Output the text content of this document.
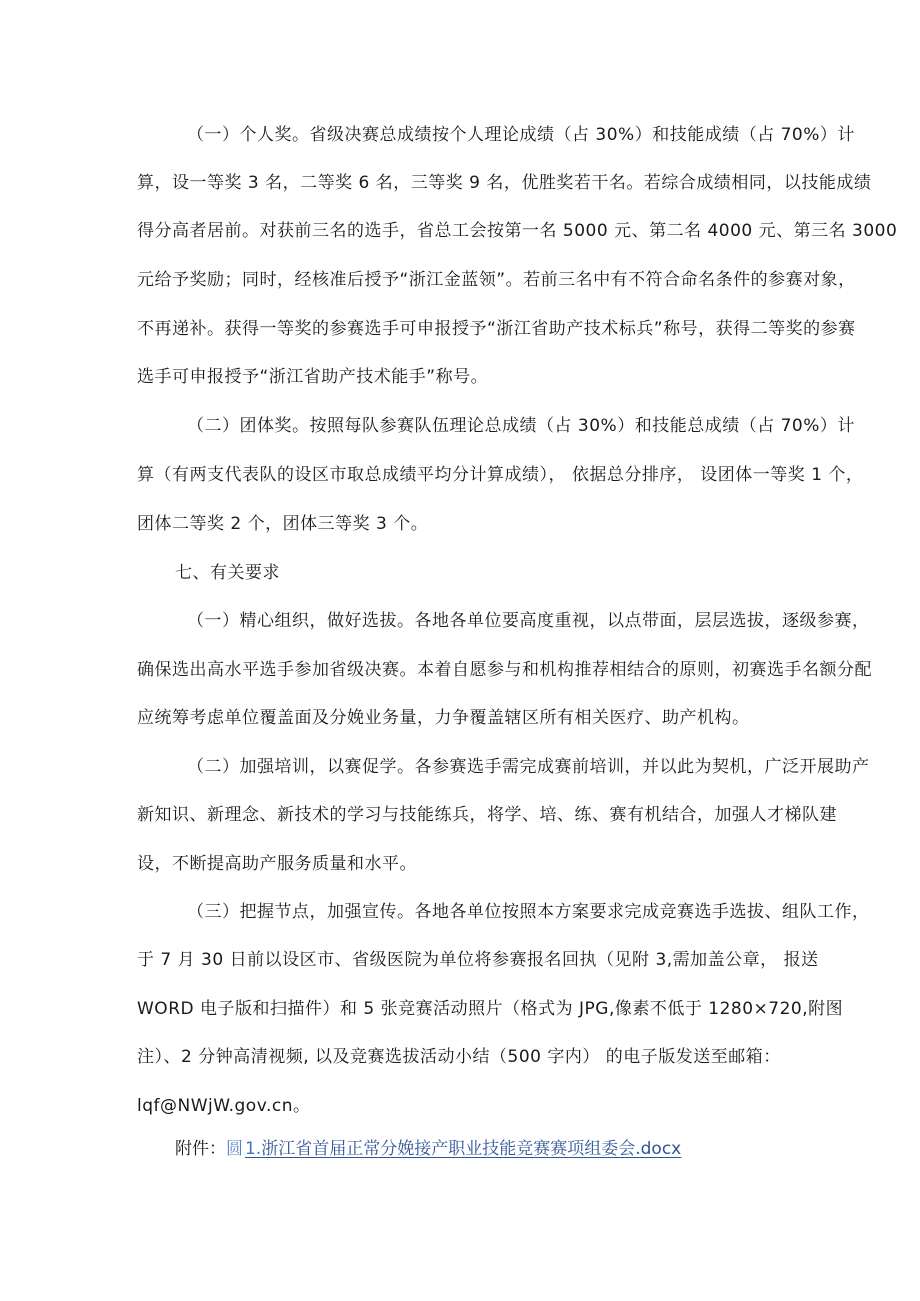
（一）个人奖。省级决赛总成绩按个人理论成绩（占 30%）和技能成绩（占 70%）计
算，设一等奖 3 名，二等奖 6 名，三等奖 9 名，优胜奖若干名。若综合成绩相同，以技能成绩
得分高者居前。对获前三名的选手，省总工会按第一名 5000 元、第二名 4000 元、第三名 3000
元给予奖励；同时，经核准后授予“浙江金蓝领”。若前三名中有不符合命名条件的参赛对象，
不再递补。获得一等奖的参赛选手可申报授予“浙江省助产技术标兵”称号，获得二等奖的参赛
选手可申报授予“浙江省助产技术能手”称号。
（二）团体奖。按照每队参赛队伍理论总成绩（占 30%）和技能总成绩（占 70%）计
算（有两支代表队的设区市取总成绩平均分计算成绩）， 依据总分排序， 设团体一等奖 1 个，
团体二等奖 2 个，团体三等奖 3 个。
七、有关要求
（一）精心组织，做好选拔。各地各单位要高度重视，以点带面，层层选拔，逐级参赛，
确保选出高水平选手参加省级决赛。本着自愿参与和机构推荐相结合的原则，初赛选手名额分配
应统筹考虑单位覆盖面及分娩业务量，力争覆盖辖区所有相关医疗、助产机构。
（二）加强培训，以赛促学。各参赛选手需完成赛前培训，并以此为契机，广泛开展助产
新知识、新理念、新技术的学习与技能练兵，将学、培、练、赛有机结合，加强人才梯队建
设，不断提高助产服务质量和水平。
（三）把握节点，加强宣传。各地各单位按照本方案要求完成竞赛选手选拔、组队工作，
于 7 月 30 日前以设区市、省级医院为单位将参赛报名回执（见附 3,需加盖公章， 报送
WORD 电子版和扫描件）和 5 张竞赛活动照片（格式为 JPG,像素不低于 1280×720,附图
注）、2 分钟高清视频, 以及竞赛选拔活动小结（500 字内） 的电子版发送至邮箱：
lqf@NWjW.gov.cn。
附件：圆 1.浙江省首届正常分娩接产职业技能竞赛赛项组委会.docx
